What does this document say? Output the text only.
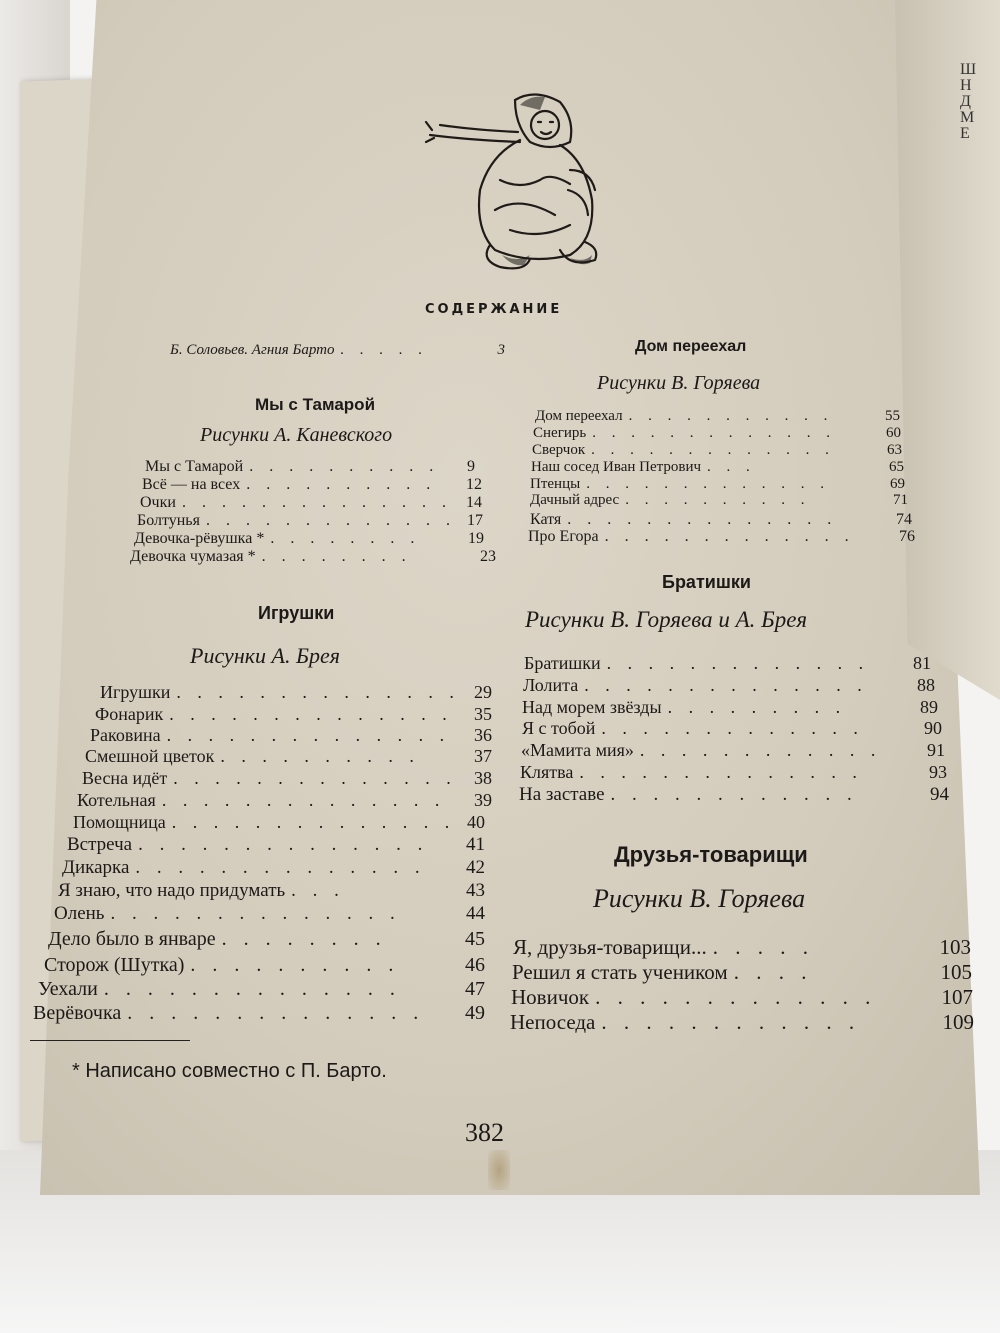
Ш
Н
Д
М
Е
СОДЕРЖАНИЕ
Б. Соловьев. Агния Барто . . . . .	3
Мы с Тамарой
Рисунки А. Каневского
Мы с Тамарой . . . . . . . . . .	9
Всё — на всех . . . . . . . . . .	12
Очки . . . . . . . . . . . . . . 14
Болтунья . . . . . . . . . . . . . 17
Девочка-рёвушка * . . . . . . . .	19
Девочка чумазая * . . . . . . . .	23
Игрушки
Рисунки А. Брея
Игрушки . . . . . . . . . . . . . . 29
Фонарик . . . . . . . . . . . . . .	35
Раковина . . . . . . . . . . . . . .	36
Смешной цветок . . . . . . . . . .	37
Весна идёт . . . . . . . . . . . . . . 38
Котельная . . . . . . . . . . . . . .	39
Помощница . . . . . . . . . . . . . . 40
Встреча . . . . . . . . . . . . . .	41
Дикарка . . . . . . . . . . . . . .	42
Я знаю, что надо придумать . . .	43
Олень . . . . . . . . . . . . . .	44
Дело было в январе . . . . . . . .	45
Сторож (Шутка) . . . . . . . . . .	46
Уехали . . . . . . . . . . . . . .	47
Верёвочка . . . . . . . . . . . . . .	49
Дом переехал
Рисунки В. Горяева
Дом переехал . . . . . . . . . . .	55
Снегирь . . . . . . . . . . . . .	60
Сверчок . . . . . . . . . . . . .	63
Наш сосед Иван Петрович . . .	65
Птенцы . . . . . . . . . . . . .	69
Дачный адрес . . . . . . . . . .	71
Катя . . . . . . . . . . . . . .	74
Про Егора . . . . . . . . . . . . .	76
Братишки
Рисунки В. Горяева и А. Брея
Братишки . . . . . . . . . . . . .	81
Лолита . . . . . . . . . . . . . .	88
Над морем звёзды . . . . . . . . .	89
Я с тобой . . . . . . . . . . . . .	90
«Мамита мия» . . . . . . . . . . . .	91
Клятва . . . . . . . . . . . . . .	93
На заставе . . . . . . . . . . . .	94
Друзья-товарищи
Рисунки В. Горяева
Я, друзья-товарищи... . . . . .	103
Решил я стать учеником . . . .	105
Новичок . . . . . . . . . . . . .	107
Непоседа . . . . . . . . . . . .	109
* Написано совместно с П. Барто.
382
